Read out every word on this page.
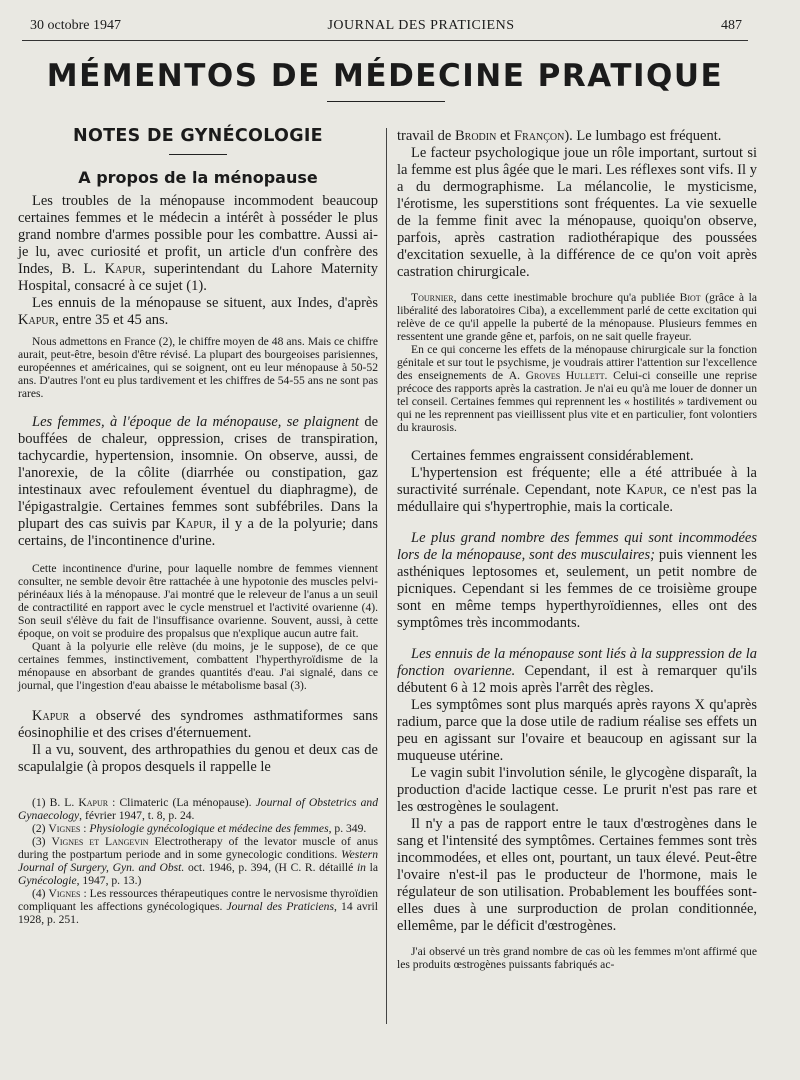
30 octobre 1947	JOURNAL DES PRATICIENS	487
MÉMENTOS DE MÉDECINE PRATIQUE
NOTES DE GYNÉCOLOGIE
A propos de la ménopause

Les troubles de la ménopause incommodent beaucoup certaines femmes et le médecin a intérêt à posséder le plus grand nombre d'armes possible pour les combattre. Aussi ai-je lu, avec curiosité et profit, un article d'un confrère des Indes, B. L. Kapur, superintendant du Lahore Maternity Hospital, consacré à ce sujet (1).

Les ennuis de la ménopause se situent, aux Indes, d'après Kapur, entre 35 et 45 ans.

Nous admettons en France (2), le chiffre moyen de 48 ans. Mais ce chiffre aurait, peut-être, besoin d'être révisé. La plupart des bourgeoises parisiennes, européennes et américaines, qui se soignent, ont eu leur ménopause à 50-52 ans. D'autres l'ont eu plus tardivement et les chiffres de 54-55 ans ne sont pas rares.

Les femmes, à l'époque de la ménopause, se plaignent de bouffées de chaleur, oppression, crises de transpiration, tachycardie, hypertension, insomnie. On observe, aussi, de l'anorexie, de la côlite (diarrhée ou constipation, gaz intestinaux avec refoulement éventuel du diaphragme), de l'épigastralgie. Certaines femmes sont subfébriles. Dans la plupart des cas suivis par Kapur, il y a de la polyurie; dans certains, de l'incontinence d'urine.

Cette incontinence d'urine, pour laquelle nombre de femmes viennent consulter, ne semble devoir être rattachée à une hypotonie des muscles pelvi-périnéaux liés à la ménopause. J'ai montré que le releveur de l'anus a un seuil de contractilité en rapport avec le cycle menstruel et l'activité ovarienne (4). Son seuil s'élève du fait de l'insuffisance ovarienne. Souvent, aussi, à cette époque, on voit se produire des propalsus que n'explique aucun autre fait.

Quant à la polyurie elle relève (du moins, je le suppose), de ce que certaines femmes, instinctivement, combattent l'hyperthyroïdisme de la ménopause en absorbant de grandes quantités d'eau. J'ai signalé, dans ce journal, que l'ingestion d'eau abaisse le métabolisme basal (3).

Kapur a observé des syndromes asthmatiformes sans éosinophilie et des crises d'éternuement.

Il a vu, souvent, des arthropathies du genou et deux cas de scapulalgie (à propos desquels il rappelle le

(1) B. L. Kapur : Climateric (La ménopause). Journal of Obstetrics and Gynaecology, février 1947, t. 8, p. 24.

(2) Vignes : Physiologie gynécologique et médecine des femmes, p. 349.

(3) Vignes et Langevin Electrotherapy of the levator muscle of anus during the postpartum periode and in some gynecologic conditions. Western Journal of Surgery, Gyn. and Obst. oct. 1946, p. 394, (H C. R. détaillé in la Gynécologie, 1947, p. 13.)

(4) Vignes : Les ressources thérapeutiques contre le nervosisme thyroïdien compliquant les affections gynécologiques. Journal des Praticiens, 14 avril 1928, p. 251.

travail de Brodin et Françon). Le lumbago est fréquent.

Le facteur psychologique joue un rôle important, surtout si la femme est plus âgée que le mari. Les réflexes sont vifs. Il y a du dermographisme. La mélancolie, le mysticisme, l'érotisme, les superstitions sont fréquentes. La vie sexuelle de la femme finit avec la ménopause, quoiqu'on observe, parfois, après castration radiothérapique des poussées d'excitation sexuelle, à la différence de ce qu'on voit après castration chirurgicale.

Tournier, dans cette inestimable brochure qu'a publiée Biot (grâce à la libéralité des laboratoires Ciba), a excellemment parlé de cette excitation qui relève de ce qu'il appelle la puberté de la ménopause. Plusieurs femmes en ressentent une grande gêne et, parfois, on ne sait quelle frayeur.

En ce qui concerne les effets de la ménopause chirurgicale sur la fonction génitale et sur tout le psychisme, je voudrais attirer l'attention sur l'excellence des enseignements de A. Groves Hullett. Celui-ci conseille une reprise précoce des rapports après la castration. Je n'ai eu qu'à me louer de donner un tel conseil. Certaines femmes qui reprennent les « hostilités » tardivement ou qui ne les reprennent pas vieillissent plus vite et en particulier, font volontiers du kraurosis.

Certaines femmes engraissent considérablement.

L'hypertension est fréquente; elle a été attribuée à la suractivité surrénale. Cependant, note Kapur, ce n'est pas la médullaire qui s'hypertrophie, mais la corticale.

Le plus grand nombre des femmes qui sont incommodées lors de la ménopause, sont des musculaires; puis viennent les asthéniques leptosomes et, seulement, un petit nombre de picniques. Cependant si les femmes de ce troisième groupe sont en même temps hyperthyroïdiennes, elles ont des symptômes très incommodants.

Les ennuis de la ménopause sont liés à la suppression de la fonction ovarienne. Cependant, il est à remarquer qu'ils débutent 6 à 12 mois après l'arrêt des règles.

Les symptômes sont plus marqués après rayons X qu'après radium, parce que la dose utile de radium réalise ses effets un peu en agissant sur l'ovaire et beaucoup en agissant sur la muqueuse utérine.

Le vagin subit l'involution sénile, le glycogène disparaît, la production d'acide lactique cesse. Le prurit n'est pas rare et les œstrogènes le soulagent.

Il n'y a pas de rapport entre le taux d'œstrogènes dans le sang et l'intensité des symptômes. Certaines femmes sont très incommodées, et elles ont, pourtant, un taux élevé. Peut-être l'ovaire n'est-il pas le producteur de l'hormone, mais le régulateur de son utilisation. Probablement les bouffées sont-elles dues à une surproduction de prolan conditionnée, ellemême, par le déficit d'œstrogènes.

J'ai observé un très grand nombre de cas où les femmes m'ont affirmé que les produits œstrogènes puissants fabriqués ac-
